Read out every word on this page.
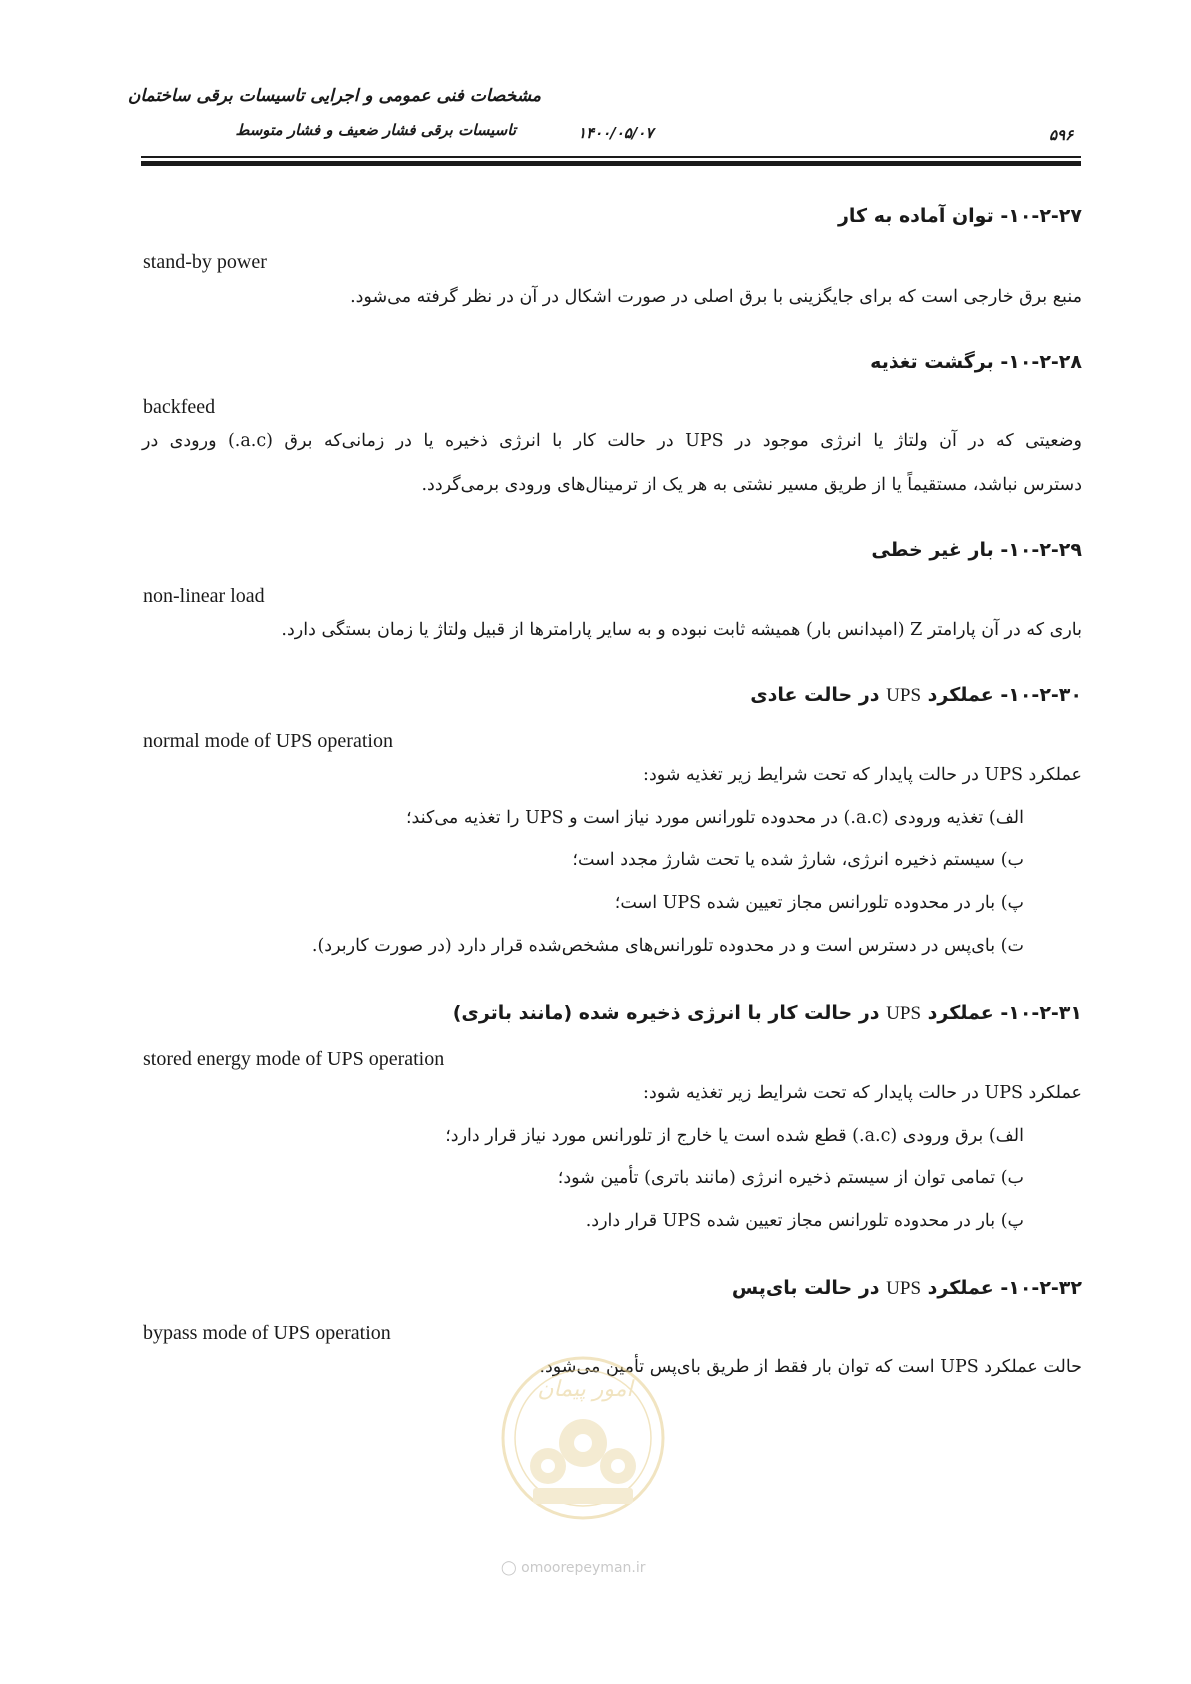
مشخصات فنی عمومی و اجرایی تاسیسات برقی ساختمان
تاسیسات برقی فشار ضعیف و فشار متوسط	۱۴۰۰/۰۵/۰۷	۵۹۶
۱۰-۲-۲۷- توان آماده به کار
stand-by power
منبع برق خارجی است که برای جایگزینی با برق اصلی در صورت اشکال در آن در نظر گرفته می‌شود.
۱۰-۲-۲۸- برگشت تغذیه
backfeed
وضعیتی که در آن ولتاژ یا انرژی موجود در UPS در حالت کار با انرژی ذخیره یا در زمانی‌که برق (a.c.) ورودی در
دسترس نباشد، مستقیماً یا از طریق مسیر نشتی به هر یک از ترمینال‌های ورودی برمی‌گردد.
۱۰-۲-۲۹- بار غیر خطی
non-linear load
باری که در آن پارامتر Z (امپدانس بار) همیشه ثابت نبوده و به سایر پارامترها از قبیل ولتاژ یا زمان بستگی دارد.
۱۰-۲-۳۰- عملکرد UPS در حالت عادی
normal mode of UPS operation
عملکرد UPS در حالت پایدار که تحت شرایط زیر تغذیه شود:
الف) تغذیه ورودی (a.c.) در محدوده تلورانس مورد نیاز است و UPS را تغذیه می‌کند؛
ب) سیستم ذخیره انرژی، شارژ شده یا تحت شارژ مجدد است؛
پ) بار در محدوده تلورانس مجاز تعیین شده UPS است؛
ت) بای‌پس در دسترس است و در محدوده تلورانس‌های مشخص‌شده قرار دارد (در صورت کاربرد).
۱۰-۲-۳۱- عملکرد UPS در حالت کار با انرژی ذخیره شده (مانند باتری)
stored energy mode of UPS operation
عملکرد UPS در حالت پایدار که تحت شرایط زیر تغذیه شود:
الف) برق ورودی (a.c.) قطع شده است یا خارج از تلورانس مورد نیاز قرار دارد؛
ب) تمامی توان از سیستم ذخیره انرژی (مانند باتری) تأمین شود؛
پ) بار در محدوده تلورانس مجاز تعیین شده UPS قرار دارد.
۱۰-۲-۳۲- عملکرد UPS در حالت بای‌پس
bypass mode of UPS operation
حالت عملکرد UPS است که توان بار فقط از طریق بای‌پس تأمین می‌شود.
امور پیمان
◯ omoorepeyman.ir
